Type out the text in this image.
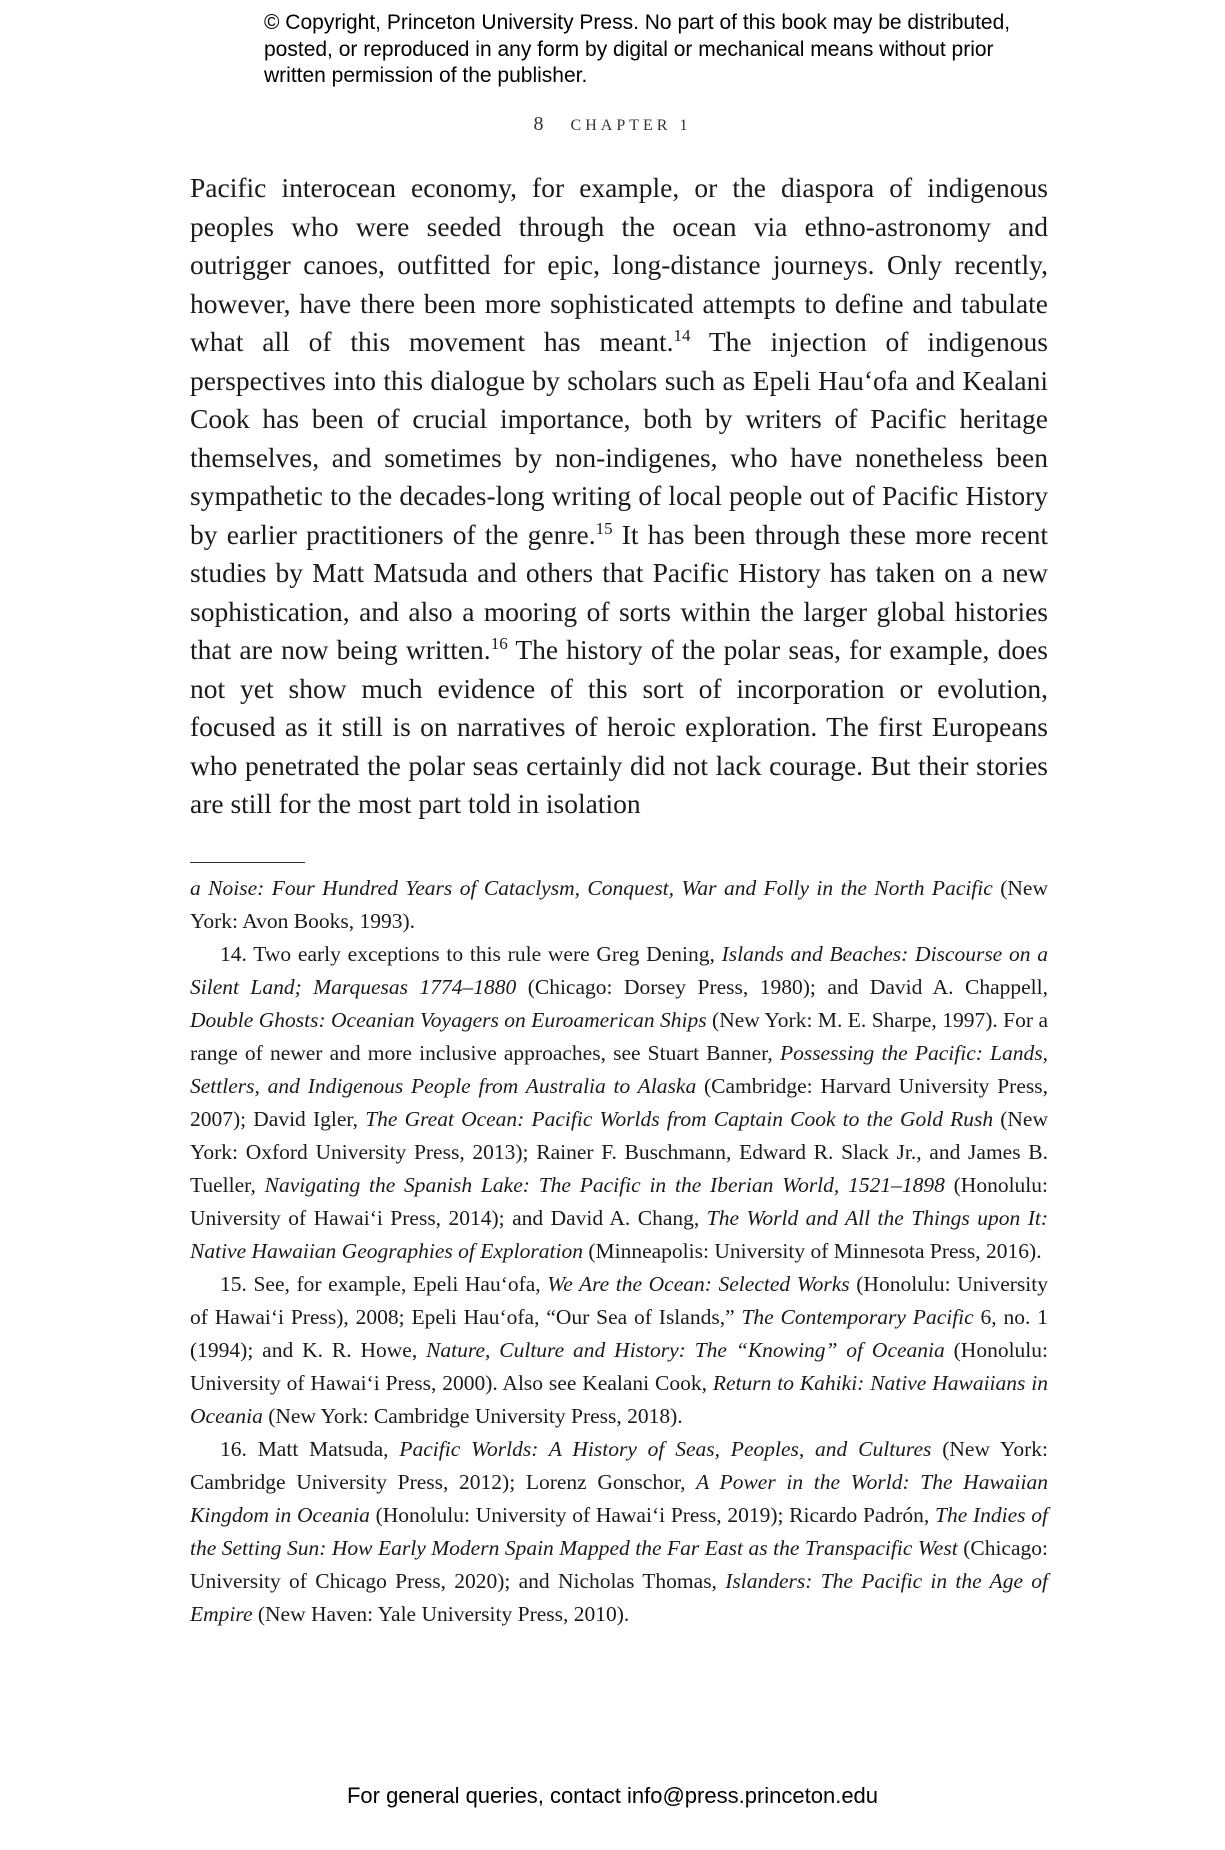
© Copyright, Princeton University Press. No part of this book may be distributed, posted, or reproduced in any form by digital or mechanical means without prior written permission of the publisher.
8 CHAPTER 1

Pacific interocean economy, for example, or the diaspora of indigenous peoples who were seeded through the ocean via ethno-astronomy and outrigger canoes, outfitted for epic, long-distance journeys. Only recently, however, have there been more sophisticated attempts to define and tabulate what all of this movement has meant.$^{14}$ The injection of indigenous perspectives into this dialogue by scholars such as Epeli Hauʻofa and Kealani Cook has been of crucial importance, both by writers of Pacific heritage themselves, and sometimes by non-indigenes, who have nonetheless been sympathetic to the decades-long writing of local people out of Pacific History by earlier practitioners of the genre.$^{15}$ It has been through these more recent studies by Matt Matsuda and others that Pacific History has taken on a new sophistication, and also a mooring of sorts within the larger global histories that are now being written.$^{16}$ The history of the polar seas, for example, does not yet show much evidence of this sort of incorporation or evolution, focused as it still is on narratives of heroic exploration. The first Europeans who penetrated the polar seas certainly did not lack courage. But their stories are still for the most part told in isolation

a Noise: Four Hundred Years of Cataclysm, Conquest, War and Folly in the North Pacific (New York: Avon Books, 1993).

14. Two early exceptions to this rule were Greg Dening, Islands and Beaches: Discourse on a Silent Land; Marquesas 1774–1880 (Chicago: Dorsey Press, 1980); and David A. Chappell, Double Ghosts: Oceanian Voyagers on Euroamerican Ships (New York: M. E. Sharpe, 1997). For a range of newer and more inclusive approaches, see Stuart Banner, Possessing the Pacific: Lands, Settlers, and Indigenous People from Australia to Alaska (Cambridge: Harvard University Press, 2007); David Igler, The Great Ocean: Pacific Worlds from Captain Cook to the Gold Rush (New York: Oxford University Press, 2013); Rainer F. Buschmann, Edward R. Slack Jr., and James B. Tueller, Navigating the Spanish Lake: The Pacific in the Iberian World, 1521–1898 (Honolulu: University of Hawaiʻi Press, 2014); and David A. Chang, The World and All the Things upon It: Native Hawaiian Geographies of Exploration (Minneapolis: University of Minnesota Press, 2016).

15. See, for example, Epeli Hauʻofa, We Are the Ocean: Selected Works (Honolulu: University of Hawaiʻi Press), 2008; Epeli Hauʻofa, “Our Sea of Islands,” The Contemporary Pacific 6, no. 1 (1994); and K. R. Howe, Nature, Culture and History: The “Knowing” of Oceania (Honolulu: University of Hawaiʻi Press, 2000). Also see Kealani Cook, Return to Kahiki: Native Hawaiians in Oceania (New York: Cambridge University Press, 2018).

16. Matt Matsuda, Pacific Worlds: A History of Seas, Peoples, and Cultures (New York: Cambridge University Press, 2012); Lorenz Gonschor, A Power in the World: The Hawaiian Kingdom in Oceania (Honolulu: University of Hawaiʻi Press, 2019); Ricardo Padrón, The Indies of the Setting Sun: How Early Modern Spain Mapped the Far East as the Transpacific West (Chicago: University of Chicago Press, 2020); and Nicholas Thomas, Islanders: The Pacific in the Age of Empire (New Haven: Yale University Press, 2010).

For general queries, contact info@press.princeton.edu
